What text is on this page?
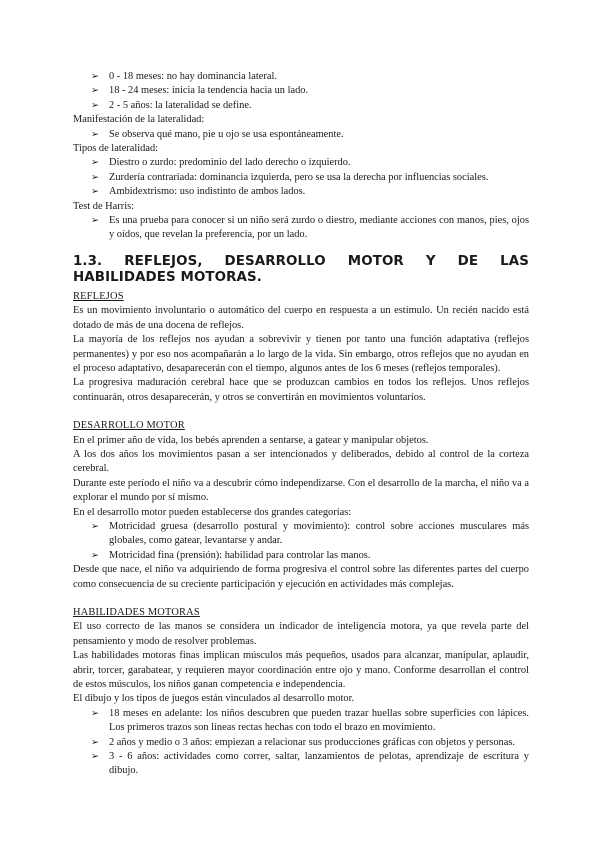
➢ 0 - 18 meses: no hay dominancia lateral.
➢ 18 - 24 meses: inicia la tendencia hacia un lado.
➢ 2 - 5 años: la lateralidad se define.
Manifestación de la lateralidad:
➢ Se observa qué mano, pie u ojo se usa espontáneamente.
Tipos de lateralidad:
➢ Diestro o zurdo: predominio del lado derecho o izquierdo.
➢ Zurdería contrariada: dominancia izquierda, pero se usa la derecha por influencias sociales.
➢ Ambidextrismo: uso indistinto de ambos lados.
Test de Harris:
➢ Es una prueba para conocer si un niño será zurdo o diestro, mediante acciones con manos, pies, ojos y oídos, que revelan la preferencia, por un lado.
1.3. REFLEJOS, DESARROLLO MOTOR Y DE LAS HABILIDADES MOTORAS.
REFLEJOS
Es un movimiento involuntario o automático del cuerpo en respuesta a un estímulo. Un recién nacido está dotado de más de una docena de reflejos.
La mayoría de los reflejos nos ayudan a sobrevivir y tienen por tanto una función adaptativa (reflejos permanentes) y por eso nos acompañarán a lo largo de la vida. Sin embargo, otros reflejos que no ayudan en el proceso adaptativo, desaparecerán con el tiempo, algunos antes de los 6 meses (reflejos temporales).
La progresiva maduración cerebral hace que se produzcan cambios en todos los reflejos. Unos reflejos continuarán, otros desaparecerán, y otros se convertirán en movimientos voluntarios.
DESARROLLO MOTOR
En el primer año de vida, los bebés aprenden a sentarse, a gatear y manipular objetos.
A los dos años los movimientos pasan a ser intencionados y deliberados, debido al control de la corteza cerebral.
Durante este período el niño va a descubrir cómo independizarse. Con el desarrollo de la marcha, el niño va a explorar el mundo por sí mismo.
En el desarrollo motor pueden establecerse dos grandes categorías:
➢ Motricidad gruesa (desarrollo postural y movimiento): control sobre acciones musculares más globales, como gatear, levantarse y andar.
➢ Motricidad fina (prensión): habilidad para controlar las manos.
Desde que nace, el niño va adquiriendo de forma progresiva el control sobre las diferentes partes del cuerpo como consecuencia de su creciente participación y ejecución en actividades más complejas.
HABILIDADES MOTORAS
El uso correcto de las manos se considera un indicador de inteligencia motora, ya que revela parte del pensamiento y modo de resolver problemas.
Las habilidades motoras finas implican músculos más pequeños, usados para alcanzar, manipular, aplaudir, abrir, torcer, garabatear, y requieren mayor coordinación entre ojo y mano. Conforme desarrollan el control de estos músculos, los niños ganan competencia e independencia.
El dibujo y los tipos de juegos están vinculados al desarrollo motor.
➢ 18 meses en adelante: los niños descubren que pueden trazar huellas sobre superficies con lápices. Los primeros trazos son líneas rectas hechas con todo el brazo en movimiento.
➢ 2 años y medio o 3 años: empiezan a relacionar sus producciones gráficas con objetos y personas.
➢ 3 - 6 años: actividades como correr, saltar, lanzamientos de pelotas, aprendizaje de escritura y dibujo.
